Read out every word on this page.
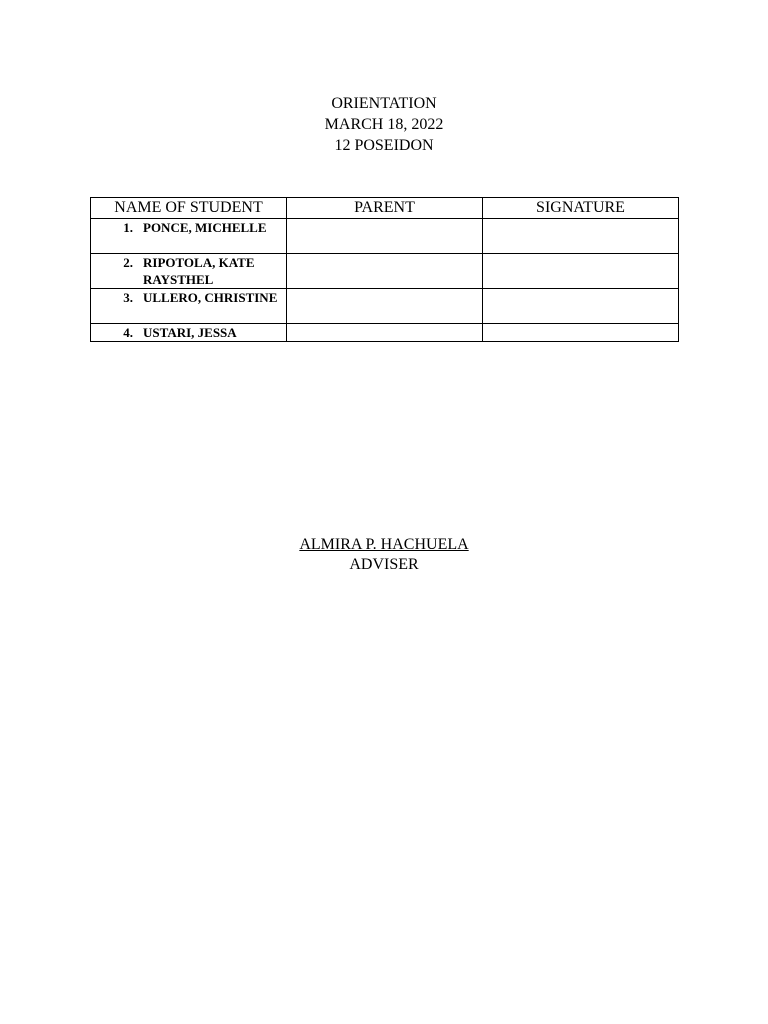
ORIENTATION
MARCH 18, 2022
12 POSEIDON
NAME OF STUDENT	PARENT	SIGNATURE

1. PONCE, MICHELLE		

2. RIPOTOLA, KATE RAYSTHEL		

3. ULLERO, CHRISTINE		

4. USTARI, JESSA		

ALMIRA P. HACHUELA
ADVISER
